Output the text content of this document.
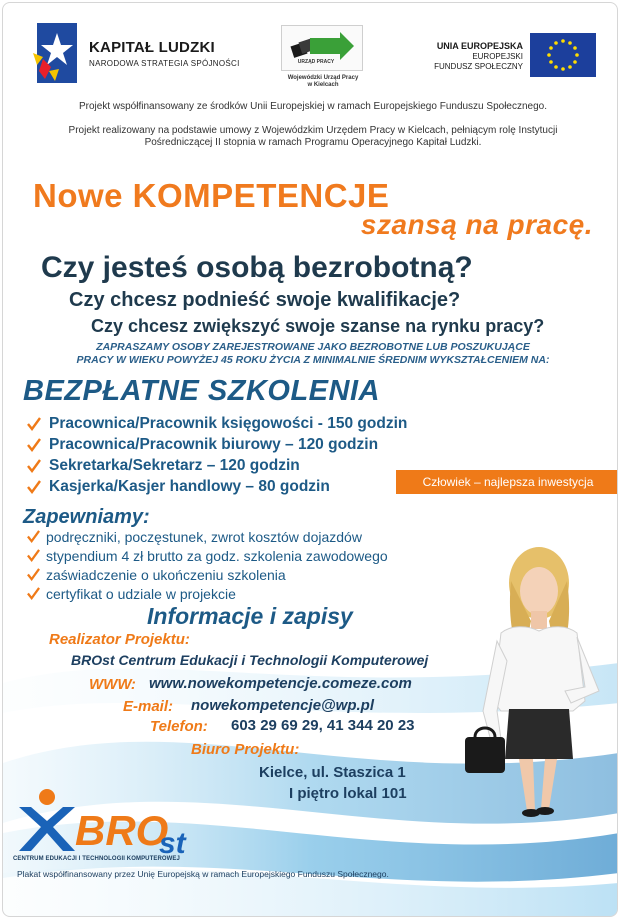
KAPITAŁ LUDZKI
NARODOWA STRATEGIA SPÓJNOŚCI	URZĄD PRACY
Wojewódzki Urząd Pracy
w Kielcach
UNIA EUROPEJSKA
EUROPEJSKI
FUNDUSZ SPOŁECZNY
Projekt współfinansowany ze środków Unii Europejskiej w ramach Europejskiego Funduszu Społecznego.
Projekt realizowany na podstawie umowy z Wojewódzkim Urzędem Pracy w Kielcach, pełniącym rolę Instytucji
Pośredniczącej II stopnia w ramach Programu Operacyjnego Kapitał Ludzki.
Nowe KOMPETENCJE
szansą na pracę.
Czy jesteś osobą bezrobotną?
Czy chcesz podnieść swoje kwalifikacje?
Czy chcesz zwiększyć swoje szanse na rynku pracy?
ZAPRASZAMY OSOBY ZAREJESTROWANE JAKO BEZROBOTNE LUB POSZUKUJĄCE
PRACY W WIEKU POWYŻEJ 45 ROKU ŻYCIA Z MINIMALNIE ŚREDNIM WYKSZTAŁCENIEM NA:
BEZPŁATNE SZKOLENIA
Pracownica/Pracownik księgowości - 150 godzin
Pracownica/Pracownik biurowy – 120 godzin
Sekretarka/Sekretarz – 120 godzin
Kasjerka/Kasjer handlowy – 80 godzin	Człowiek – najlepsza inwestycja
Zapewniamy:
podręczniki, poczęstunek, zwrot kosztów dojazdów
stypendium 4 zł brutto za godz. szkolenia zawodowego
zaświadczenie o ukończeniu szkolenia
certyfikat o udziale w projekcie
Informacje i zapisy
Realizator Projektu:
BROst Centrum Edukacji i Technologii Komputerowej
WWW: www.nowekompetencje.comeze.com
E-mail: nowekompetencje@wp.pl
Telefon: 603 29 69 29, 41 344 20 23
Biuro Projektu:
Kielce, ul. Staszica 1
I piętro lokal 101
BRO
st
CENTRUM EDUKACJI I TECHNOLOGII KOMPUTEROWEJ
Plakat współfinansowany przez Unię Europejską w ramach Europejskiego Funduszu Społecznego.
